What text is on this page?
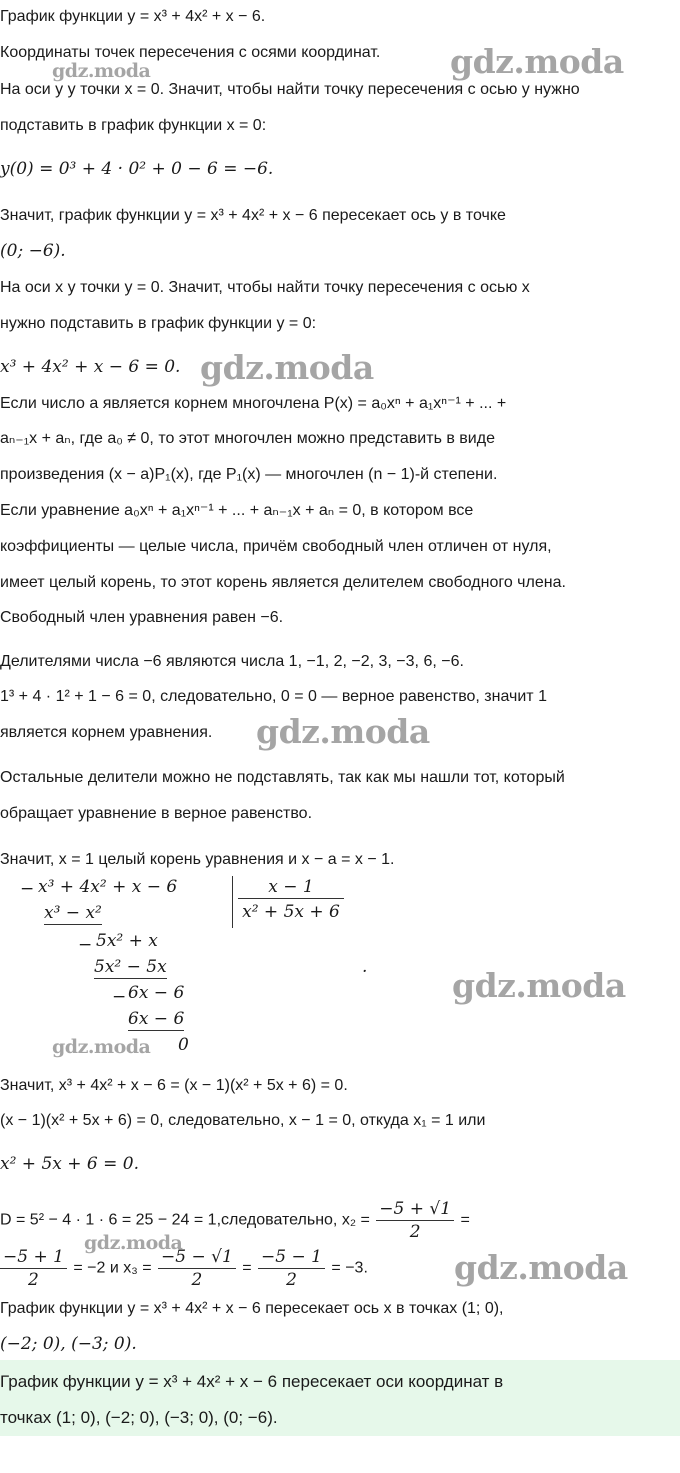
График функции y = x³ + 4x² + x − 6.
Координаты точек пересечения с осями координат.
На оси y у точки x = 0. Значит, чтобы найти точку пересечения с осью y нужно
подставить в график функции x = 0:
y(0) = 0³ + 4 · 0² + 0 − 6 = −6.
Значит, график функции y = x³ + 4x² + x − 6 пересекает ось y в точке
(0; −6).
На оси x у точки y = 0. Значит, чтобы найти точку пересечения с осью x
нужно подставить в график функции y = 0:
x³ + 4x² + x − 6 = 0.
Если число a является корнем многочлена P(x) = a₀xⁿ + a₁xⁿ⁻¹ + ... +
aₙ₋₁x + aₙ, где a₀ ≠ 0, то этот многочлен можно представить в виде
произведения (x − a)P₁(x), где P₁(x) — многочлен (n − 1)-й степени.
Если уравнение a₀xⁿ + a₁xⁿ⁻¹ + ... + aₙ₋₁x + aₙ = 0, в котором все
коэффициенты — целые числа, причём свободный член отличен от нуля,
имеет целый корень, то этот корень является делителем свободного члена.
Свободный член уравнения равен −6.
Делителями числа −6 являются числа 1, −1, 2, −2, 3, −3, 6, −6.
1³ + 4 · 1² + 1 − 6 = 0, следовательно, 0 = 0 — верное равенство, значит 1
является корнем уравнения.
Остальные делители можно не подставлять, так как мы нашли тот, который
обращает уравнение в верное равенство.
Значит, x = 1 целый корень уравнения и x − a = x − 1.
− x³ + 4x² + x − 6	x − 1
x² + 5x + 6
x³ − x²
− 5x² + x
5x² − 5x
− 6x − 6
6x − 6
0
.
Значит, x³ + 4x² + x − 6 = (x − 1)(x² + 5x + 6) = 0.
(x − 1)(x² + 5x + 6) = 0, следовательно, x − 1 = 0, откуда x₁ = 1 или
x² + 5x + 6 = 0.
D = 5² − 4 · 1 · 6 = 25 − 24 = 1,следовательно, $x_2 = \frac{-5 + √1}{2}$ =
$\frac{-5 + 1}{2} = -2$ и $x_3 = \frac{-5 - √1}{2} = \frac{-5 - 1}{2} = -3$.
График функции y = x³ + 4x² + x − 6 пересекает ось x в точках (1; 0),
(−2; 0), (−3; 0).
График функции y = x³ + 4x² + x − 6 пересекает оси координат в
точках (1; 0), (−2; 0), (−3; 0), (0; −6).
gdz.moda
gdz.moda
gdz.moda
gdz.moda
gdz.moda
gdz.moda
gdz.moda
gdz.moda
